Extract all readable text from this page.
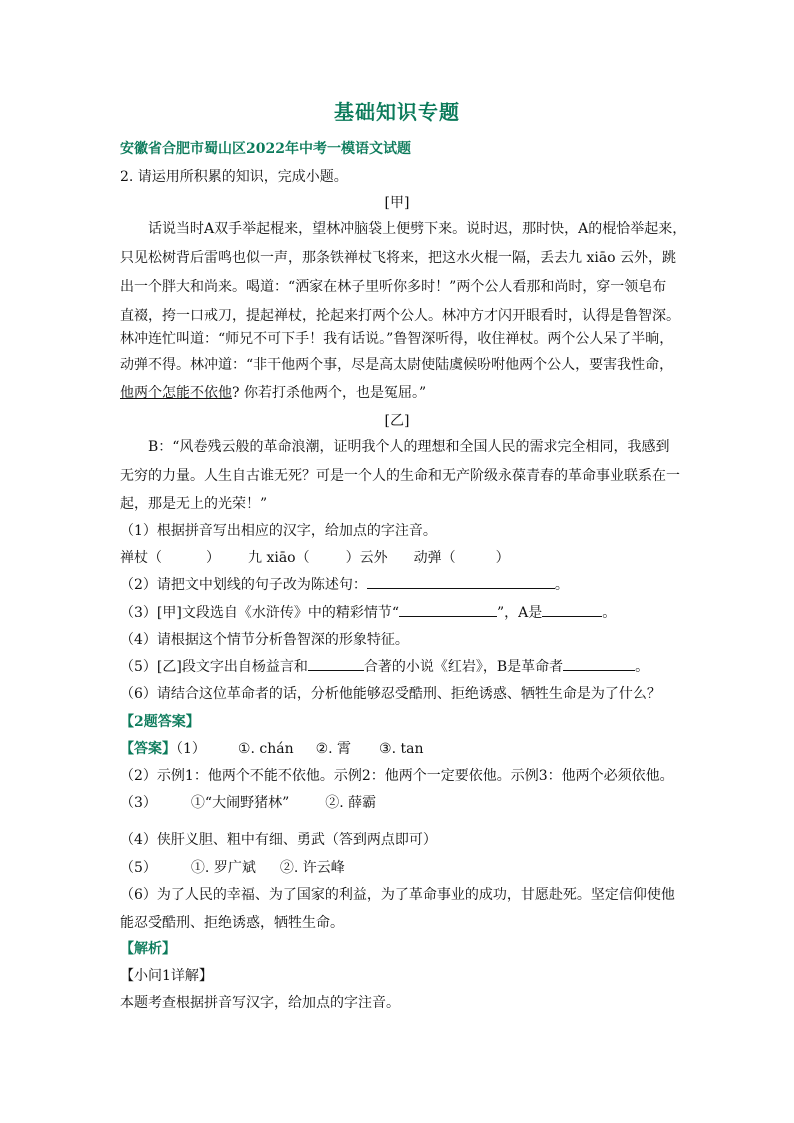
基础知识专题
安徽省合肥市蜀山区2022年中考一模语文试题
2. 请运用所积累的知识，完成小题。
[甲]
话说当时A双手举起棍来，望林冲脑袋上便劈下来。说时迟，那时快，A的棍恰举起来，
只见松树背后雷鸣也似一声，那条铁禅杖飞将来，把这水火棍一隔，丢去九 xiāo 云外，跳
出一个胖大和尚来。喝道：“洒家在林子里听你多时！”两个公人看那和尚时，穿一领皂布
直裰，挎一口戒刀，提起禅杖，抡起来打两个公人。林冲方才闪开眼看时，认得是鲁智深。
林冲连忙叫道：“师兄不可下手！我有话说。”鲁智深听得，收住禅杖。两个公人呆了半晌，
动弹不得。林冲道：“非干他两个事，尽是高太尉使陆虞候吩咐他两个公人，要害我性命，
他两个怎能不依他? 你若打杀他两个，也是冤屈。”
[乙]
B：“风卷残云般的革命浪潮，证明我个人的理想和全国人民的需求完全相同，我感到
无穷的力量。人生自古谁无死？可是一个人的生命和无产阶级永葆青春的革命事业联系在一
起，那是无上的光荣！”
（1）根据拼音写出相应的汉字，给加点的字注音。
禅杖（	） 九 xiāo（	）云外 动弹（	）
（2）请把文中划线的句子改为陈述句：	。
（3）[甲]文段选自《水浒传》中的精彩情节“	”，A是	。
（4）请根据这个情节分析鲁智深的形象特征。
（5）[乙]段文字出自杨益言和	合著的小说《红岩》，B是革命者	。
（6）请结合这位革命者的话，分析他能够忍受酷刑、拒绝诱惑、牺牲生命是为了什么？
【2题答案】
【答案】（1） ①. chán ②. 霄 ③. tan
（2）示例1：他两个不能不依他。示例2：他两个一定要依他。示例3：他两个必须依他。
（3） ①“大闹野猪林”	②. 薛霸
（4）侠肝义胆、粗中有细、勇武（答到两点即可）
（5） ①. 罗广斌 ②. 许云峰
（6）为了人民的幸福、为了国家的利益，为了革命事业的成功，甘愿赴死。坚定信仰使他
能忍受酷刑、拒绝诱惑，牺牲生命。
【解析】
【小问1详解】
本题考查根据拼音写汉字，给加点的字注音。
